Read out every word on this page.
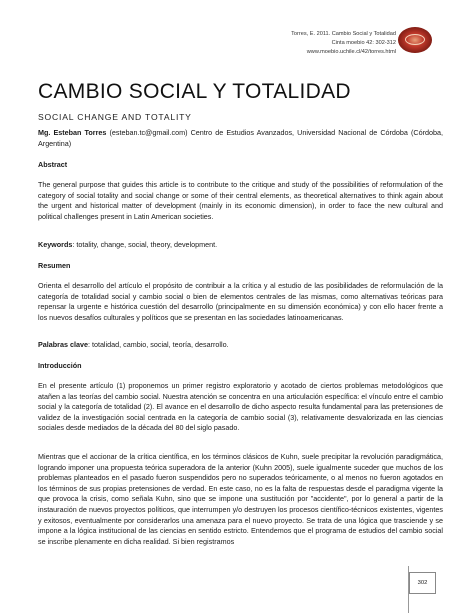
Torres, E. 2011. Cambio Social y Totalidad
Cinta moebio 42: 302-312
www.moebio.uchile.cl/42/torres.html
CAMBIO SOCIAL Y TOTALIDAD
SOCIAL CHANGE AND TOTALITY
Mg. Esteban Torres (esteban.tc@gmail.com) Centro de Estudios Avanzados, Universidad Nacional de Córdoba (Córdoba, Argentina)
Abstract
The general purpose that guides this article is to contribute to the critique and study of the possibilities of reformulation of the category of social totality and social change or some of their central elements, as theoretical alternatives to think again about the urgent and historical matter of development (mainly in its economic dimension), in order to face the new cultural and political challenges present in Latin American societies.
Keywords: totality, change, social, theory, development.
Resumen
Orienta el desarrollo del artículo el propósito de contribuir a la crítica y al estudio de las posibilidades de reformulación de la categoría de totalidad social y cambio social o bien de elementos centrales de las mismas, como alternativas teóricas para repensar la urgente e histórica cuestión del desarrollo (principalmente en su dimensión económica) y con ello hacer frente a los nuevos desafíos culturales y políticos que se presentan en las sociedades latinoamericanas.
Palabras clave: totalidad, cambio, social, teoría, desarrollo.
Introducción
En el presente artículo (1) proponemos un primer registro exploratorio y acotado de ciertos problemas metodológicos que atañen a las teorías del cambio social. Nuestra atención se concentra en una articulación específica: el vínculo entre el cambio social y la categoría de totalidad (2). El avance en el desarrollo de dicho aspecto resulta fundamental para las pretensiones de validez de la investigación social centrada en la categoría de cambio social (3), relativamente desvalorizada en las ciencias sociales desde mediados de la década del 80 del siglo pasado.
Mientras que el accionar de la crítica científica, en los términos clásicos de Kuhn, suele precipitar la revolución paradigmática, logrando imponer una propuesta teórica superadora de la anterior (Kuhn 2005), suele igualmente suceder que muchos de los problemas planteados en el pasado fueron suspendidos pero no superados teóricamente, o al menos no fueron agotados en los términos de sus propias pretensiones de verdad. En este caso, no es la falta de respuestas desde el paradigma vigente la que provoca la crisis, como señala Kuhn, sino que se impone una sustitución por "accidente", por lo general a partir de la instauración de nuevos proyectos políticos, que interrumpen y/o destruyen los procesos científico-técnicos existentes, vigentes y exitosos, eventualmente por considerarlos una amenaza para el nuevo proyecto. Se trata de una lógica que trasciende y se impone a la lógica institucional de las ciencias en sentido estricto. Entendemos que el programa de estudios del cambio social se inscribe plenamente en dicha realidad. Si bien registramos
302
